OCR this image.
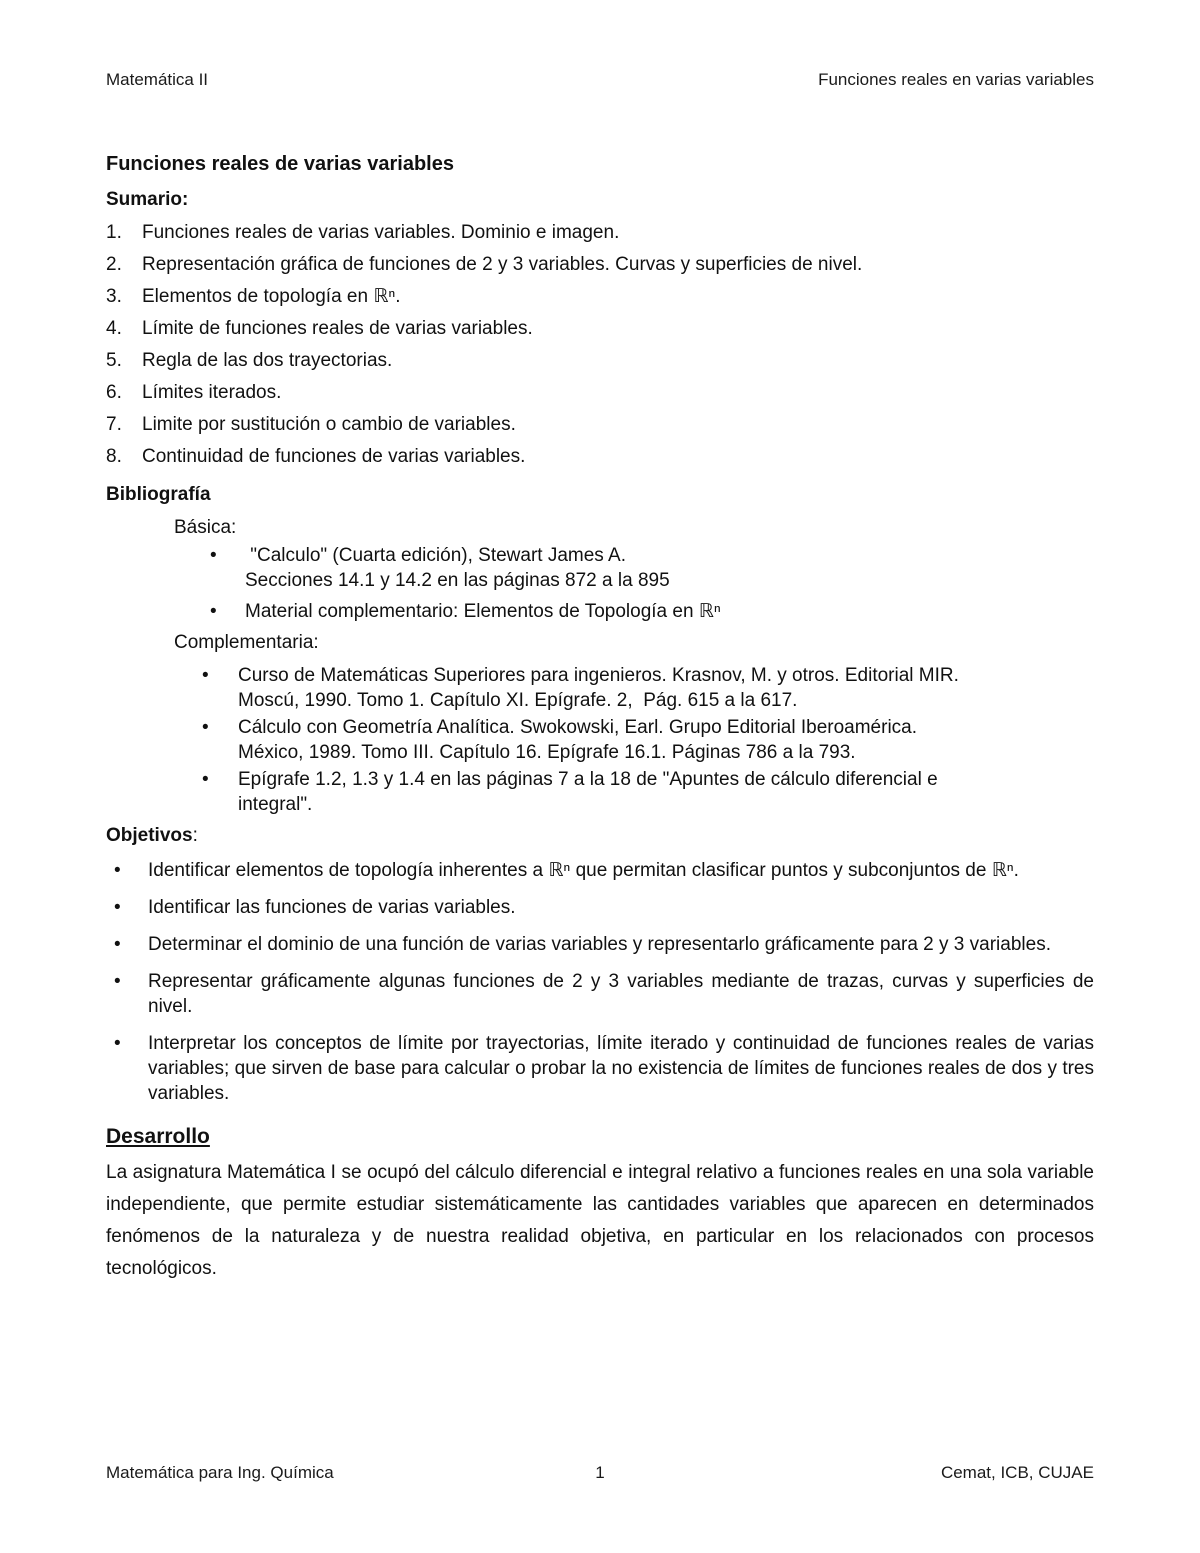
Matemática II	Funciones reales en varias variables
Funciones reales de varias variables
Sumario:
1.	Funciones reales de varias variables. Dominio e imagen.
2.	Representación gráfica de funciones de 2 y 3 variables. Curvas y superficies de nivel.
3.	Elementos de topología en ℝⁿ.
4.	Límite de funciones reales de varias variables.
5.	Regla de las dos trayectorias.
6.	Límites iterados.
7.	Limite por sustitución o cambio de variables.
8.	Continuidad de funciones de varias variables.
Bibliografía
Básica:
• "Calculo" (Cuarta edición), Stewart James A.
Secciones 14.1 y 14.2 en las páginas 872 a la 895
• Material complementario: Elementos de Topología en ℝⁿ
Complementaria:
• Curso de Matemáticas Superiores para ingenieros. Krasnov, M. y otros. Editorial MIR.
Moscú, 1990. Tomo 1. Capítulo XI. Epígrafe. 2,  Pág. 615 a la 617.
• Cálculo con Geometría Analítica. Swokowski, Earl. Grupo Editorial Iberoamérica.
México, 1989. Tomo III. Capítulo 16. Epígrafe 16.1. Páginas 786 a la 793.
• Epígrafe 1.2, 1.3 y 1.4 en las páginas 7 a la 18 de "Apuntes de cálculo diferencial e
integral".
Objetivos:
• Identificar elementos de topología inherentes a ℝⁿ que permitan clasificar puntos y subconjuntos de ℝⁿ.
• Identificar las funciones de varias variables.
• Determinar el dominio de una función de varias variables y representarlo gráficamente para 2 y 3 variables.
• Representar gráficamente algunas funciones de 2 y 3 variables mediante de trazas, curvas y superficies de nivel.
• Interpretar los conceptos de límite por trayectorias, límite iterado y continuidad de funciones reales de varias variables; que sirven de base para calcular o probar la no existencia de límites de funciones reales de dos y tres variables.
Desarrollo

La asignatura Matemática I se ocupó del cálculo diferencial e integral relativo a funciones reales en una sola variable independiente, que permite estudiar sistemáticamente las cantidades variables que aparecen en determinados fenómenos de la naturaleza y de nuestra realidad objetiva, en particular en los relacionados con procesos tecnológicos.

Matemática para Ing. Química	1	Cemat, ICB, CUJAE
